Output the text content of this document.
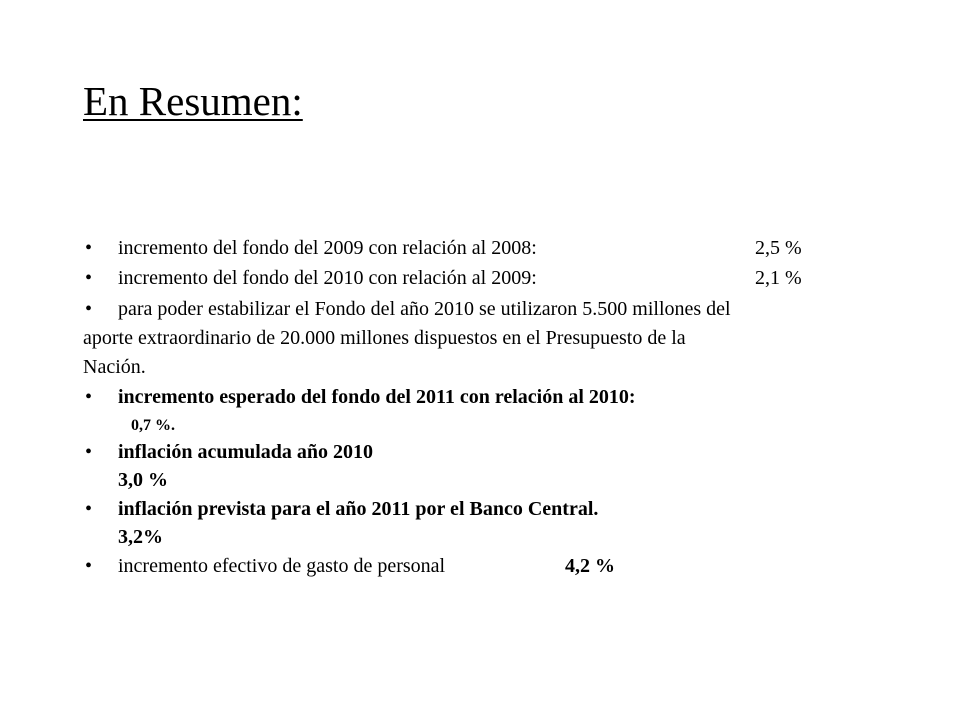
En Resumen:
• incremento del fondo del 2009 con relación al 2008:	2,5 %
• incremento del fondo del 2010 con relación al 2009:	2,1 %
• para poder estabilizar el Fondo del año 2010 se utilizaron 5.500 millones del
aporte extraordinario de 20.000 millones dispuestos en el Presupuesto de la
Nación.
• incremento esperado del fondo del 2011 con relación al 2010:
0,7 %.
• inflación acumulada año 2010
3,0 %
• inflación prevista para el año 2011 por el Banco Central.
3,2%
• incremento efectivo de gasto de personal	4,2 %
